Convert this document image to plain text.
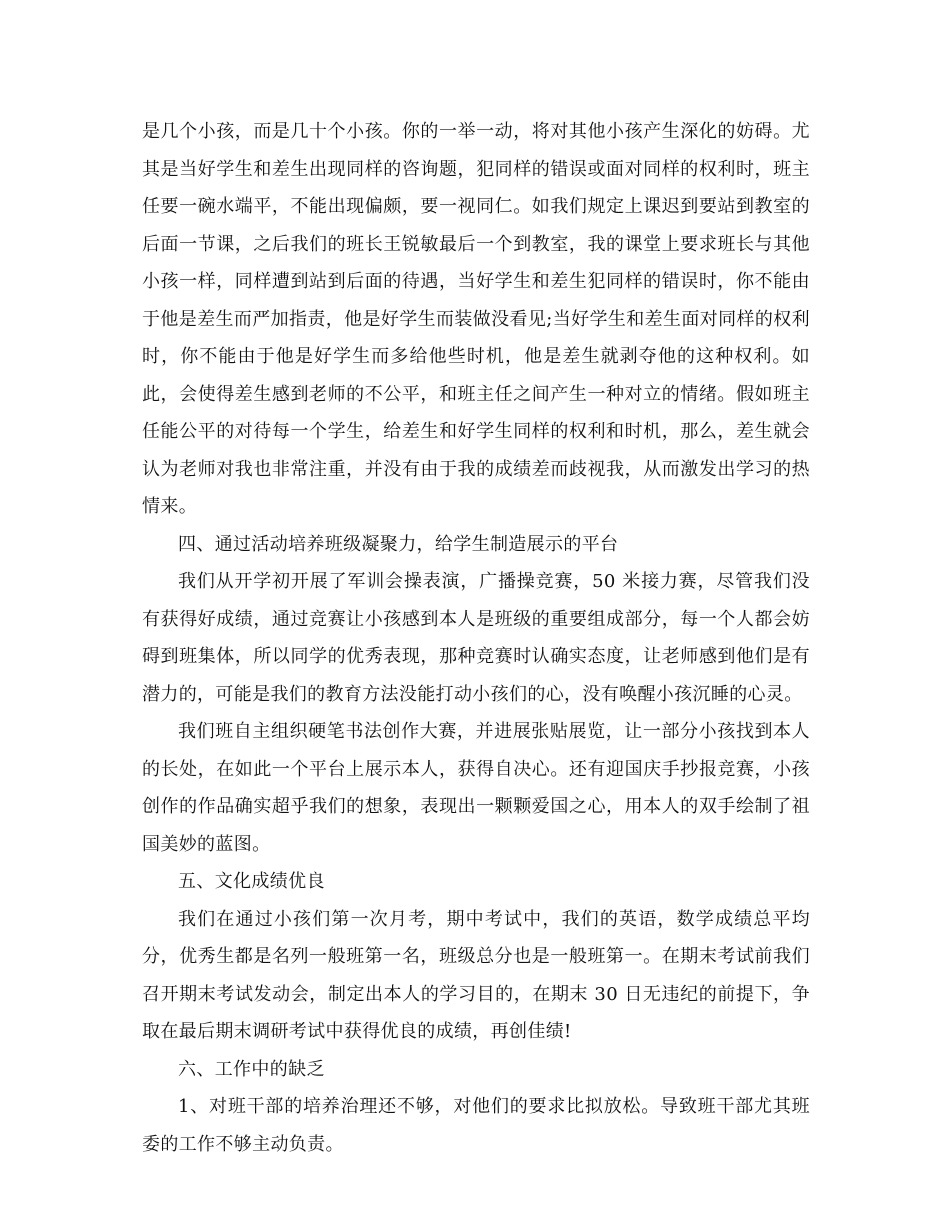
是几个小孩，而是几十个小孩。你的一举一动，将对其他小孩产生深化的妨碍。尤其是当好学生和差生出现同样的咨询题，犯同样的错误或面对同样的权利时，班主任要一碗水端平，不能出现偏颇，要一视同仁。如我们规定上课迟到要站到教室的后面一节课，之后我们的班长王锐敏最后一个到教室，我的课堂上要求班长与其他小孩一样，同样遭到站到后面的待遇，当好学生和差生犯同样的错误时，你不能由于他是差生而严加指责，他是好学生而装做没看见;当好学生和差生面对同样的权利时，你不能由于他是好学生而多给他些时机，他是差生就剥夺他的这种权利。如此，会使得差生感到老师的不公平，和班主任之间产生一种对立的情绪。假如班主任能公平的对待每一个学生，给差生和好学生同样的权利和时机，那么，差生就会认为老师对我也非常注重，并没有由于我的成绩差而歧视我，从而激发出学习的热情来。

四、通过活动培养班级凝聚力，给学生制造展示的平台

我们从开学初开展了军训会操表演，广播操竞赛，50 米接力赛，尽管我们没有获得好成绩，通过竞赛让小孩感到本人是班级的重要组成部分，每一个人都会妨碍到班集体，所以同学的优秀表现，那种竞赛时认确实态度，让老师感到他们是有潜力的，可能是我们的教育方法没能打动小孩们的心，没有唤醒小孩沉睡的心灵。

我们班自主组织硬笔书法创作大赛，并进展张贴展览，让一部分小孩找到本人的长处，在如此一个平台上展示本人，获得自决心。还有迎国庆手抄报竞赛，小孩创作的作品确实超乎我们的想象，表现出一颗颗爱国之心，用本人的双手绘制了祖国美妙的蓝图。

五、文化成绩优良

我们在通过小孩们第一次月考，期中考试中，我们的英语，数学成绩总平均分，优秀生都是名列一般班第一名，班级总分也是一般班第一。在期末考试前我们召开期末考试发动会，制定出本人的学习目的，在期末 30 日无违纪的前提下，争取在最后期末调研考试中获得优良的成绩，再创佳绩!

六、工作中的缺乏

1、对班干部的培养治理还不够，对他们的要求比拟放松。导致班干部尤其班委的工作不够主动负责。
